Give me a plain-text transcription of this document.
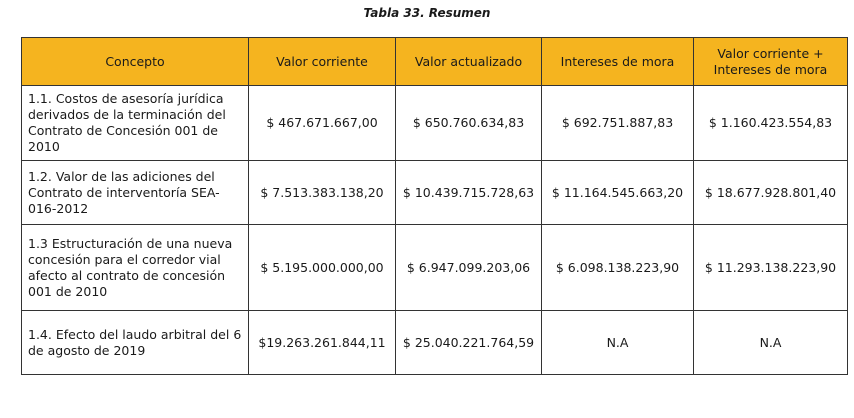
Tabla 33. Resumen
Concepto	Valor corriente	Valor actualizado	Intereses de mora	Valor corriente + Intereses de mora
1.1. Costos de asesoría jurídica derivados de la terminación del Contrato de Concesión 001 de 2010	$ 467.671.667,00	$ 650.760.634,83	$ 692.751.887,83	$ 1.160.423.554,83
1.2. Valor de las adiciones del Contrato de interventoría SEA-016-2012	$ 7.513.383.138,20	$ 10.439.715.728,63	$ 11.164.545.663,20	$ 18.677.928.801,40
1.3 Estructuración de una nueva concesión para el corredor vial afecto al contrato de concesión 001 de 2010	$ 5.195.000.000,00	$ 6.947.099.203,06	$ 6.098.138.223,90	$ 11.293.138.223,90
1.4. Efecto del laudo arbitral del 6 de agosto de 2019	$19.263.261.844,11	$ 25.040.221.764,59	N.A	N.A
